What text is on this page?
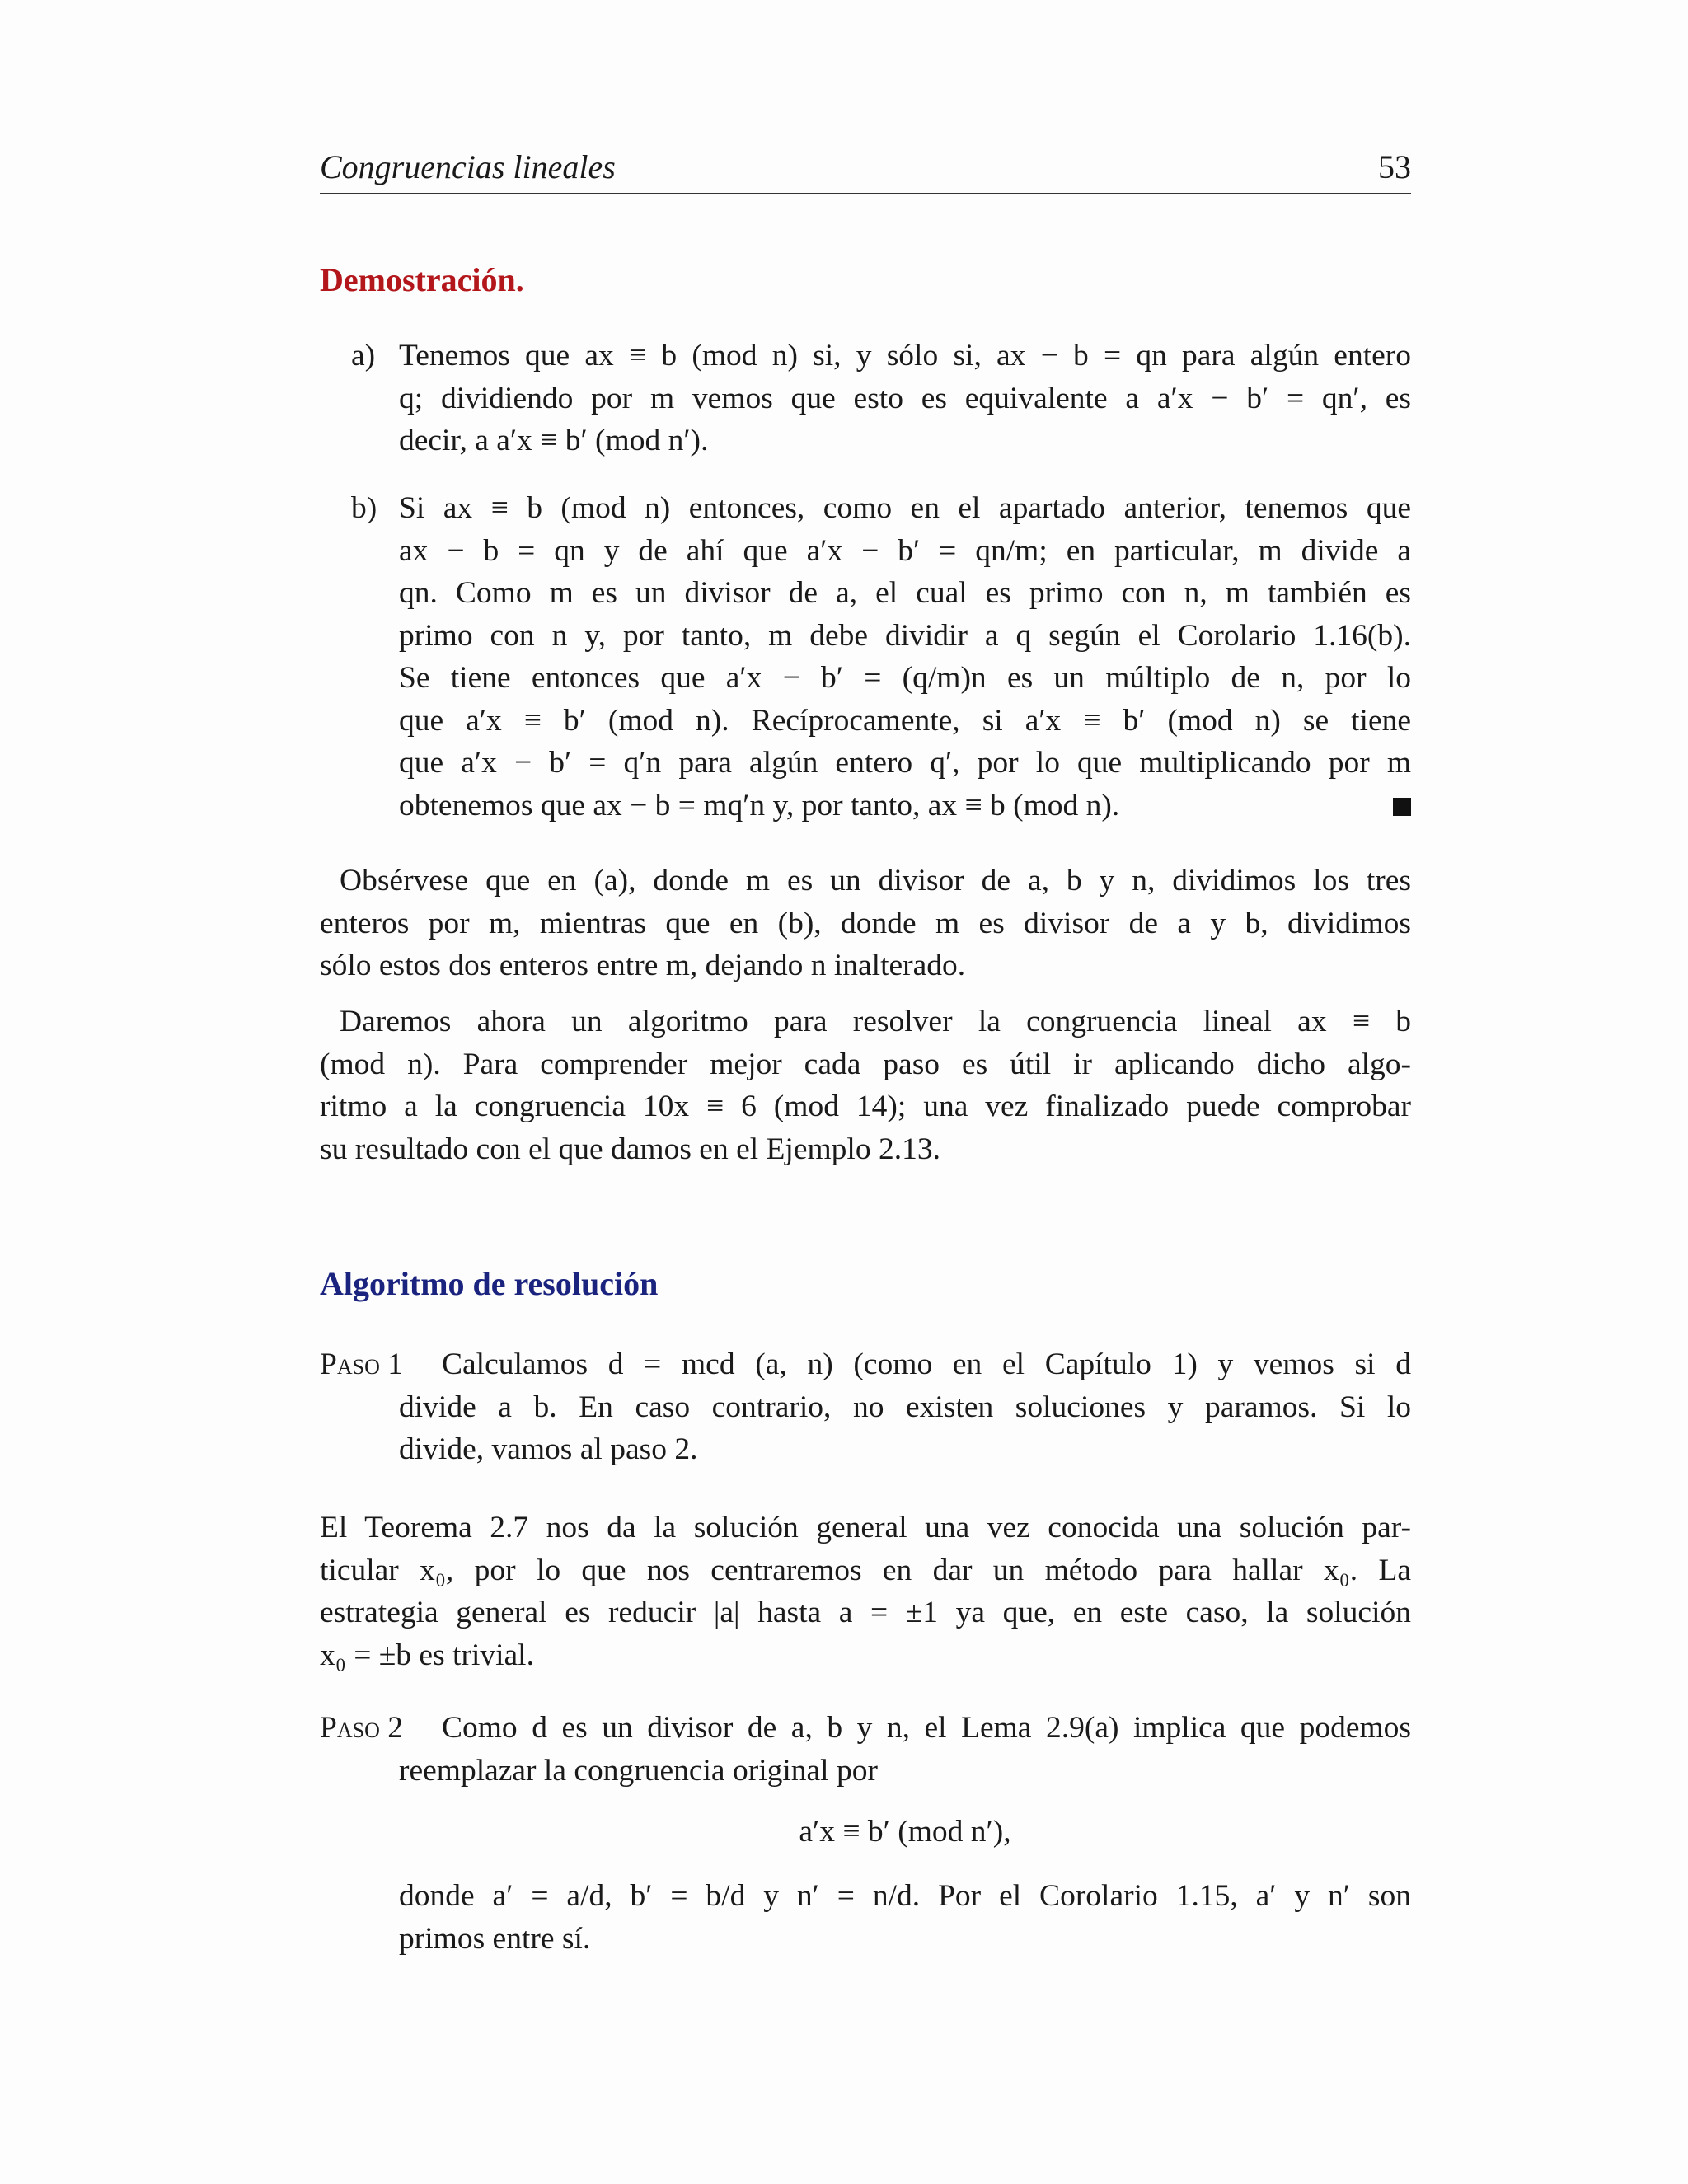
Congruencias lineales	53
Demostración.
a) Tenemos que ax ≡ b (mod n) si, y sólo si, ax − b = qn para algún entero
q; dividiendo por m vemos que esto es equivalente a a′x − b′ = qn′, es
decir, a a′x ≡ b′ (mod n′).
b) Si ax ≡ b (mod n) entonces, como en el apartado anterior, tenemos que
ax − b = qn y de ahí que a′x − b′ = qn/m; en particular, m divide a
qn. Como m es un divisor de a, el cual es primo con n, m también es
primo con n y, por tanto, m debe dividir a q según el Corolario 1.16(b).
Se tiene entonces que a′x − b′ = (q/m)n es un múltiplo de n, por lo
que a′x ≡ b′ (mod n). Recíprocamente, si a′x ≡ b′ (mod n) se tiene
que a′x − b′ = q′n para algún entero q′, por lo que multiplicando por m
obtenemos que ax − b = mq′n y, por tanto, ax ≡ b (mod n).
Obsérvese que en (a), donde m es un divisor de a, b y n, dividimos los tres
enteros por m, mientras que en (b), donde m es divisor de a y b, dividimos
sólo estos dos enteros entre m, dejando n inalterado.
Daremos ahora un algoritmo para resolver la congruencia lineal ax ≡ b
(mod n). Para comprender mejor cada paso es útil ir aplicando dicho algo-
ritmo a la congruencia 10x ≡ 6 (mod 14); una vez finalizado puede comprobar
su resultado con el que damos en el Ejemplo 2.13.
Algoritmo de resolución
Paso 1 Calculamos d = mcd (a, n) (como en el Capítulo 1) y vemos si d
divide a b. En caso contrario, no existen soluciones y paramos. Si lo
divide, vamos al paso 2.
El Teorema 2.7 nos da la solución general una vez conocida una solución par-
ticular x₀, por lo que nos centraremos en dar un método para hallar x₀. La
estrategia general es reducir |a| hasta a = ±1 ya que, en este caso, la solución
x₀ = ±b es trivial.
Paso 2 Como d es un divisor de a, b y n, el Lema 2.9(a) implica que podemos
reemplazar la congruencia original por
a′x ≡ b′ (mod n′),
donde a′ = a/d, b′ = b/d y n′ = n/d. Por el Corolario 1.15, a′ y n′ son
primos entre sí.
